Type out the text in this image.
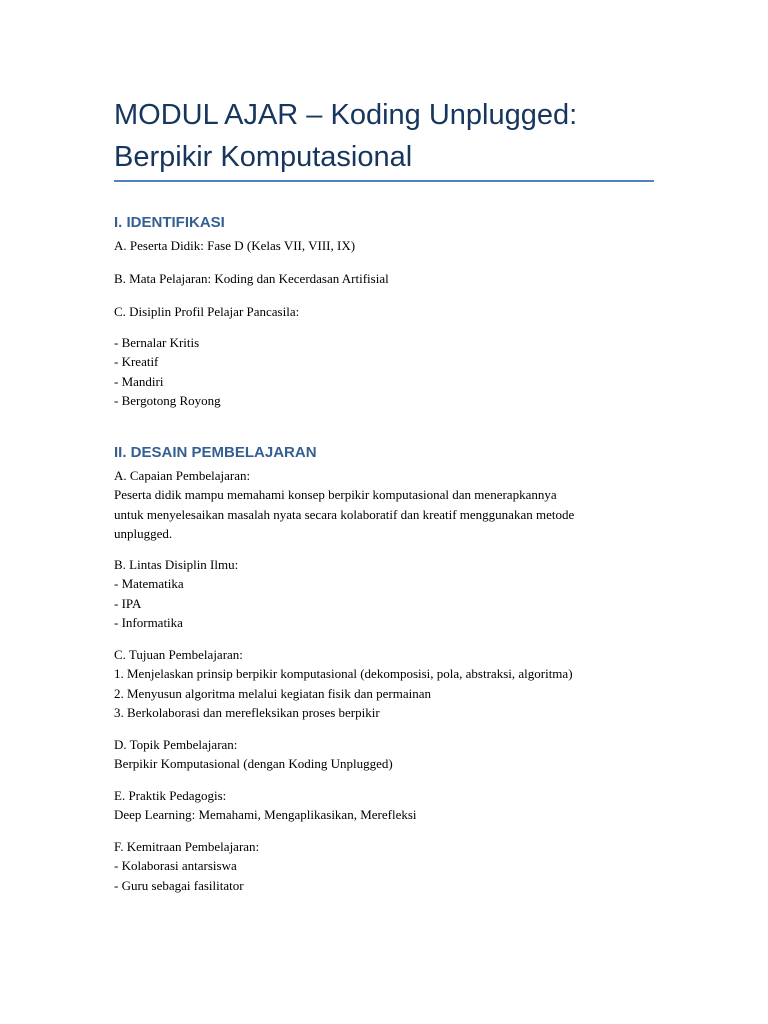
MODUL AJAR – Koding Unplugged:
Berpikir Komputasional
I. IDENTIFIKASI
A. Peserta Didik: Fase D (Kelas VII, VIII, IX)
B. Mata Pelajaran: Koding dan Kecerdasan Artifisial
C. Disiplin Profil Pelajar Pancasila:
- Bernalar Kritis
- Kreatif
- Mandiri
- Bergotong Royong
II. DESAIN PEMBELAJARAN
A. Capaian Pembelajaran:
Peserta didik mampu memahami konsep berpikir komputasional dan menerapkannya
untuk menyelesaikan masalah nyata secara kolaboratif dan kreatif menggunakan metode
unplugged.
B. Lintas Disiplin Ilmu:
- Matematika
- IPA
- Informatika
C. Tujuan Pembelajaran:
1. Menjelaskan prinsip berpikir komputasional (dekomposisi, pola, abstraksi, algoritma)
2. Menyusun algoritma melalui kegiatan fisik dan permainan
3. Berkolaborasi dan merefleksikan proses berpikir
D. Topik Pembelajaran:
Berpikir Komputasional (dengan Koding Unplugged)
E. Praktik Pedagogis:
Deep Learning: Memahami, Mengaplikasikan, Merefleksi
F. Kemitraan Pembelajaran:
- Kolaborasi antarsiswa
- Guru sebagai fasilitator
